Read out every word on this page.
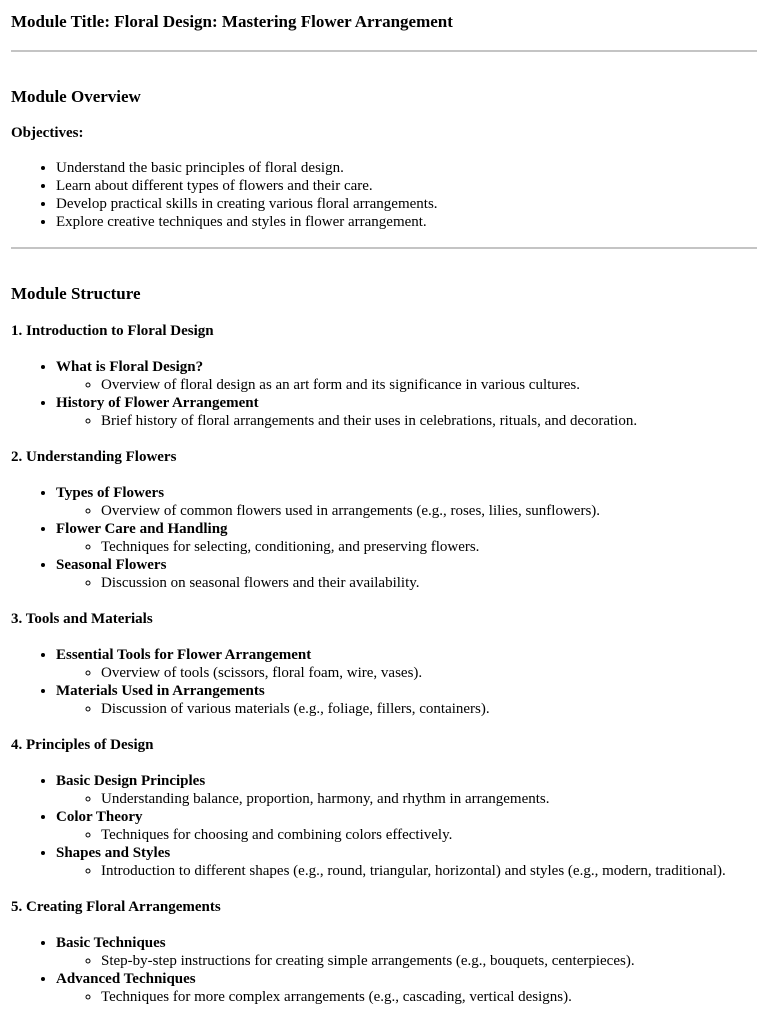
Module Title: Floral Design: Mastering Flower Arrangement
Module Overview
Objectives:
• Understand the basic principles of floral design.
• Learn about different types of flowers and their care.
• Develop practical skills in creating various floral arrangements.
• Explore creative techniques and styles in flower arrangement.
Module Structure
1. Introduction to Floral Design
• What is Floral Design?
◦ Overview of floral design as an art form and its significance in various cultures.
• History of Flower Arrangement
◦ Brief history of floral arrangements and their uses in celebrations, rituals, and decoration.
2. Understanding Flowers
• Types of Flowers
◦ Overview of common flowers used in arrangements (e.g., roses, lilies, sunflowers).
• Flower Care and Handling
◦ Techniques for selecting, conditioning, and preserving flowers.
• Seasonal Flowers
◦ Discussion on seasonal flowers and their availability.
3. Tools and Materials
• Essential Tools for Flower Arrangement
◦ Overview of tools (scissors, floral foam, wire, vases).
• Materials Used in Arrangements
◦ Discussion of various materials (e.g., foliage, fillers, containers).
4. Principles of Design
• Basic Design Principles
◦ Understanding balance, proportion, harmony, and rhythm in arrangements.
• Color Theory
◦ Techniques for choosing and combining colors effectively.
• Shapes and Styles
◦ Introduction to different shapes (e.g., round, triangular, horizontal) and styles (e.g., modern, traditional).
5. Creating Floral Arrangements
• Basic Techniques
◦ Step-by-step instructions for creating simple arrangements (e.g., bouquets, centerpieces).
• Advanced Techniques
◦ Techniques for more complex arrangements (e.g., cascading, vertical designs).
